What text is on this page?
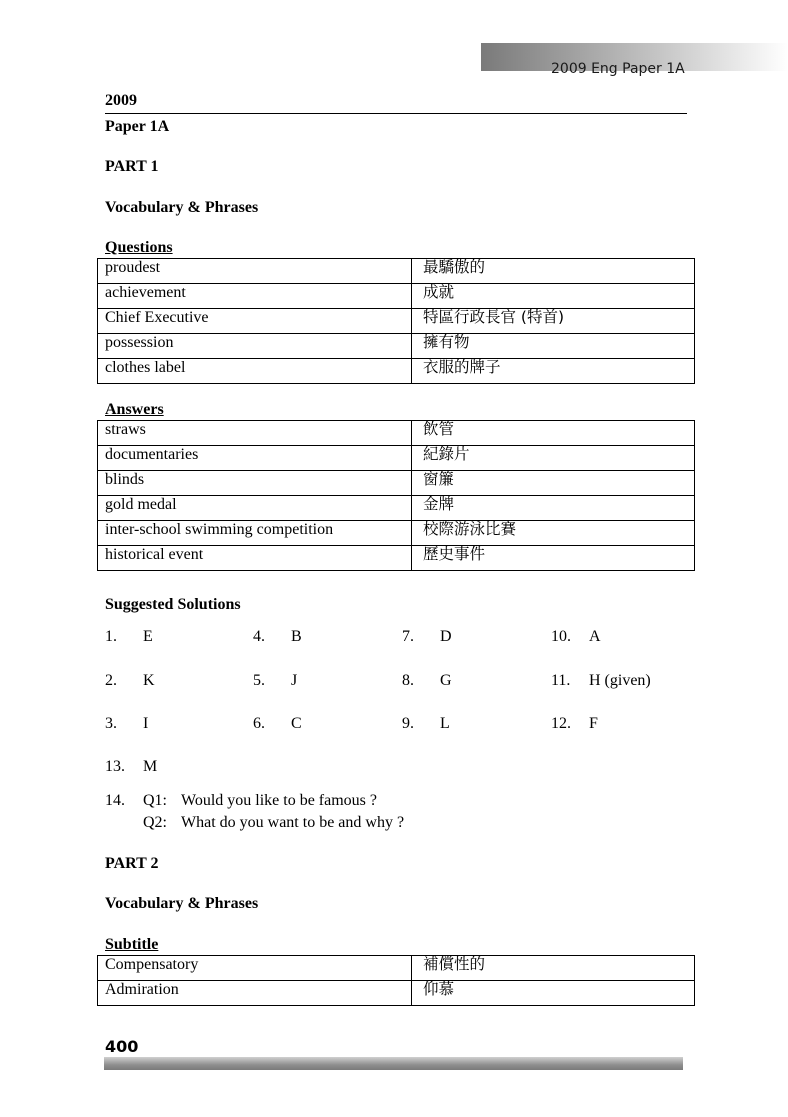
2009 Eng Paper 1A
2009
Paper 1A
PART 1
Vocabulary & Phrases
Questions
proudest	最驕傲的
achievement	成就
Chief Executive	特區行政長官 (特首)
possession	擁有物
clothes label	衣服的牌子
Answers
straws	飲管
documentaries	紀錄片
blinds	窗簾
gold medal	金牌
inter-school swimming competition	校際游泳比賽
historical event	歷史事件
Suggested Solutions
1. E	4. B	7. D	10. A
2. K	5. J	8. G	11. H (given)
3. I	6. C	9. L	12. F
13. M
14. Q1: Would you like to be famous ?
Q2: What do you want to be and why ?
PART 2
Vocabulary & Phrases
Subtitle
Compensatory	補償性的
Admiration	仰慕
400
